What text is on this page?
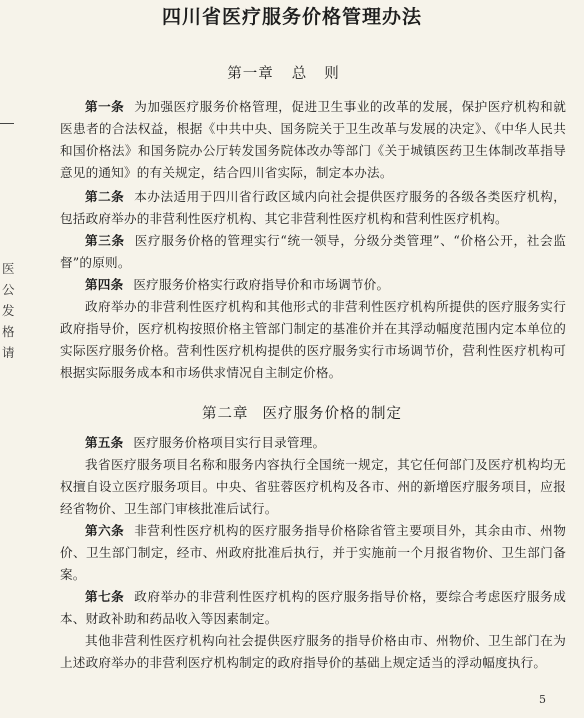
四川省医疗服务价格管理办法
第一章 总则
第一条 为加强医疗服务价格管理，促进卫生事业的改革的发展，保护医疗机构和就医患者的合法权益，根据《中共中央、国务院关于卫生改革与发展的决定》、《中华人民共和国价格法》和国务院办公厅转发国务院体改办等部门《关于城镇医药卫生体制改革指导意见的通知》的有关规定，结合四川省实际，制定本办法。
第二条 本办法适用于四川省行政区域内向社会提供医疗服务的各级各类医疗机构，包括政府举办的非营利性医疗机构、其它非营利性医疗机构和营利性医疗机构。
第三条 医疗服务价格的管理实行“统一领导，分级分类管理”、“价格公开，社会监督”的原则。
第四条 医疗服务价格实行政府指导价和市场调节价。
政府举办的非营利性医疗机构和其他形式的非营利性医疗机构所提供的医疗服务实行政府指导价，医疗机构按照价格主管部门制定的基准价并在其浮动幅度范围内定本单位的实际医疗服务价格。营利性医疗机构提供的医疗服务实行市场调节价，营利性医疗机构可根据实际服务成本和市场供求情况自主制定价格。
第二章 医疗服务价格的制定
第五条 医疗服务价格项目实行目录管理。
我省医疗服务项目名称和服务内容执行全国统一规定，其它任何部门及医疗机构均无权擅自设立医疗服务项目。中央、省驻蓉医疗机构及各市、州的新增医疗服务项目，应报经省物价、卫生部门审核批准后试行。
第六条 非营利性医疗机构的医疗服务指导价格除省管主要项目外，其余由市、州物价、卫生部门制定，经市、州政府批准后执行，并于实施前一个月报省物价、卫生部门备案。
第七条 政府举办的非营利性医疗机构的医疗服务指导价格，要综合考虑医疗服务成本、财政补助和药品收入等因素制定。
其他非营利性医疗机构向社会提供医疗服务的指导价格由市、州物价、卫生部门在为上述政府举办的非营利医疗机构制定的政府指导价的基础上规定适当的浮动幅度执行。
医
公
发
格
请
5
